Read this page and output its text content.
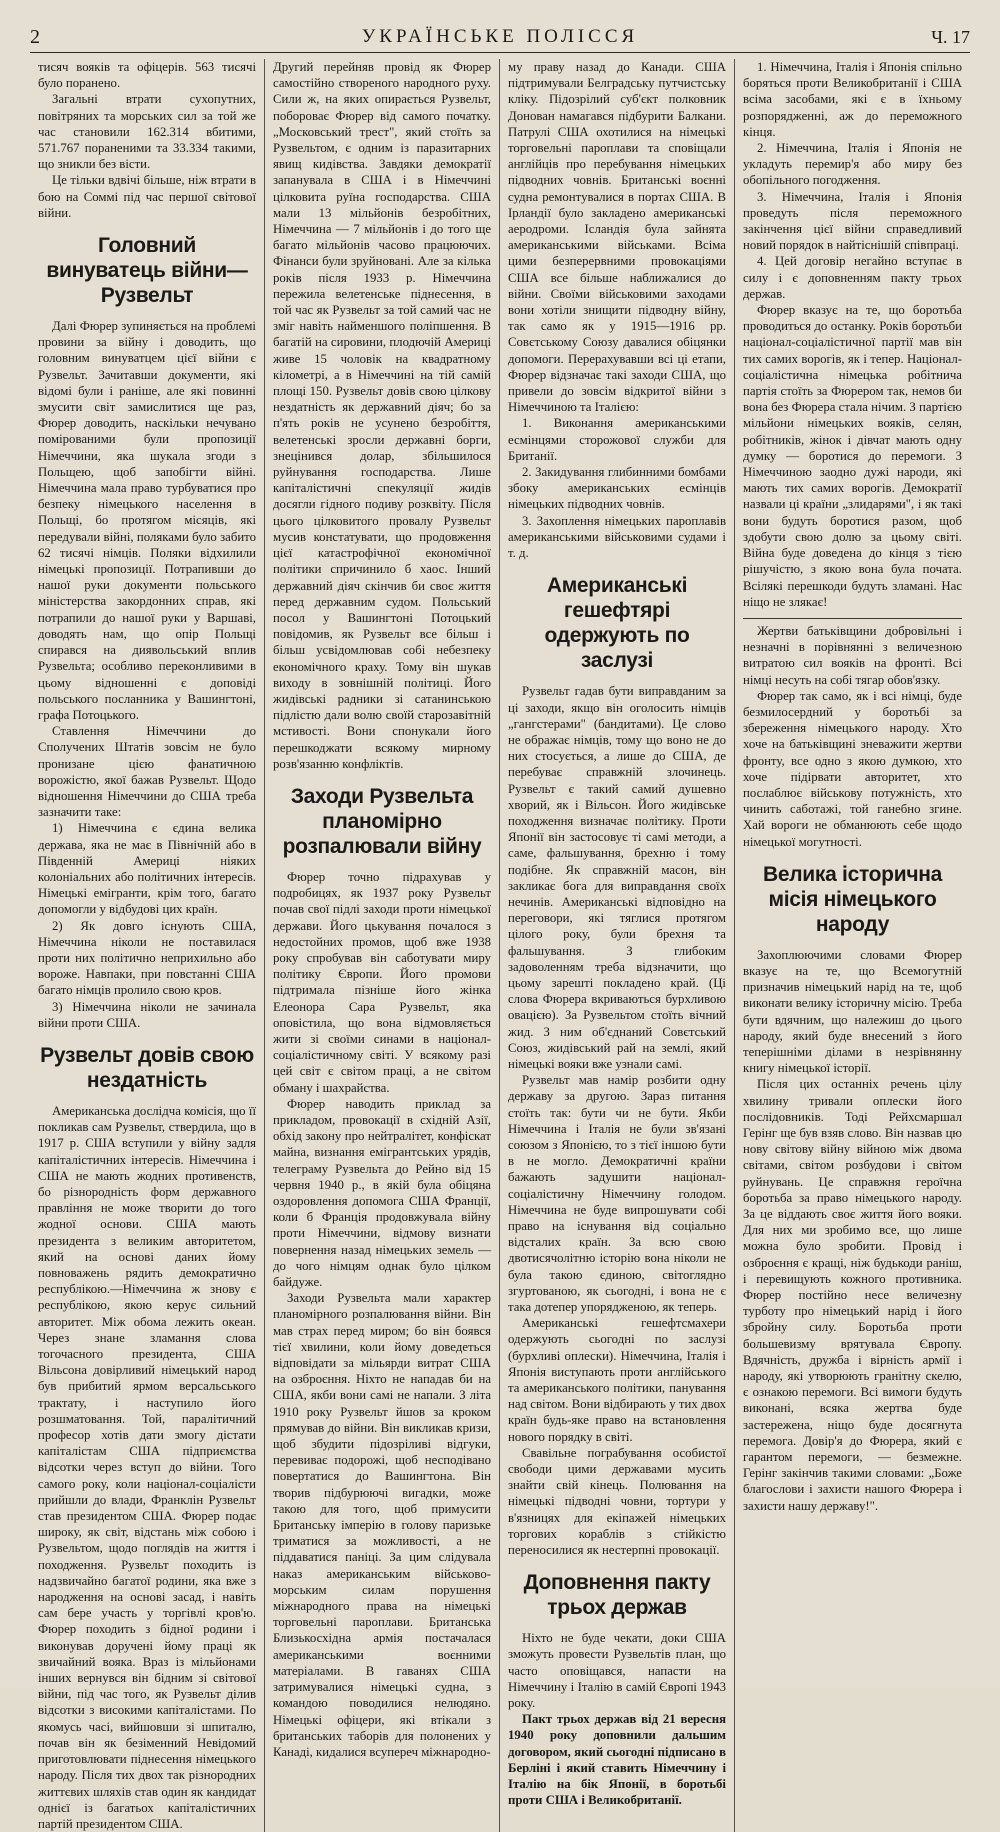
2	УКРАЇНСЬКЕ ПОЛІССЯ	Ч. 17

тисяч вояків та офіцерів. 563 тисячі було поранено.

Загальні втрати сухопутних, повітряних та морських сил за той же час становили 162.314 вбитими, 571.767 пораненими та 33.334 такими, що зникли без вісти.

Це тільки вдвічі більше, ніж втрати в бою на Соммі під час першої світової війни.

Головний винуватець війни—Рузвельт

Далі Фюрер зупиняється на проблемі провини за війну і доводить, що головним винуватцем цієї війни є Рузвельт. Зачитавши документи, які відомі були і раніше, але які повинні змусити світ замислитися ще раз, Фюрер доводить, наскільки нечувано помірованими були пропозиції Німеччини, яка шукала згоди з Польщею, щоб запобігти війні. Німеччина мала право турбуватися про безпеку німецького населення в Польщі, бо протягом місяців, які передували війні, поляками було забито 62 тисячі німців. Поляки відхилили німецькі пропозиції. Потрапивши до нашої руки документи польського міністерства закордонних справ, які потрапили до нашої руки у Варшаві, доводять нам, що опір Польщі спирався на диявольський вплив Рузвельта; особливо переконливими в цьому відношенні є доповіді польського посланника у Вашингтоні, графа Потоцького.

Ставлення Німеччини до Сполучених Штатів зовсім не було пронизане цією фанатичною ворожістю, якої бажав Рузвельт. Щодо відношення Німеччини до США треба зазначити таке:

1) Німеччина є єдина велика держава, яка не має в Північній або в Південній Америці ніяких колоніальних або політичних інтересів. Німецькі емігранти, крім того, багато допомогли у відбудові цих країн.

2) Як довго існують США, Німеччина ніколи не поставилася проти них політично неприхильно або вороже. Навпаки, при повстанні США багато німців пролило свою кров.

3) Німеччина ніколи не зачинала війни проти США.

Рузвельт довів свою нездатність

Американська дослідча комісія, що її покликав сам Рузвельт, ствердила, що в 1917 р. США вступили у війну задля капіталістичних інтересів. Німеччина і США не мають жодних противенств, бо різнородність форм державного правління не може творити до того жодної основи. США мають президента з великим авторитетом, який на основі даних йому повноважень рядить демократично республікою.—Німеччина ж знову є республікою, якою керує сильний авторитет. Між обома лежить океан. Через знане зламання слова тогочасного президента, США Вільсона довірливий німецький народ був прибитий ярмом версальського трактату, і наступило його розшматовання. Той, паралітичний професор хотів дати змогу дістати капіталістам США підприємства відсотки через вступ до війни. Того самого року, коли націонал-соціалісти прийшли до влади, Франклін Рузвельт став президентом США. Фюрер подає широку, як світ, відстань між собою і Рузвельтом, щодо поглядів на життя і походження. Рузвельт походить із надзвичайно багатої родини, яка вже з народження на основі засад, і навіть сам бере участь у торгівлі кров'ю. Фюрер походить з бідної родини і виконував доручені йому праці як звичайний вояка. Враз із мільйонами інших вернувся він бідним зі світової війни, під час того, як Рузвельт ділив відсотки з високими капіталістами. По якомусь часі, вийшовши зі шпиталю, почав він як безіменний Невідомий приготовлювати піднесення німецького народу. Після тих двох так різнородних життєвих шляхів став один як кандидат однієї із багатьох капіталістичних партій президентом США.

Другий перейняв провід як Фюрер самостійно створеного народного руху. Сили ж, на яких опирається Рузвельт, побороває Фюрер від самого початку. „Московський трест", який стоїть за Рузвельтом, є одним із паразитарних явищ кидівства. Завдяки демократії запанувала в США і в Німеччині цілковита руїна господарства. США мали 13 мільйонів безробітних, Німеччина — 7 мільйонів і до того ще багато мільйонів часово працюючих. Фінанси були зруйновані. Але за кілька років після 1933 р. Німеччина пережила велетенське піднесення, в той час як Рузвельт за той самий час не зміг навіть найменшого поліпшення. В багатій на сировини, плодючій Америці живе 15 чоловік на квадратному кілометрі, а в Німеччині на тій самій площі 150. Рузвельт довів свою цілкову нездатність як державний діяч; бо за п'ять років не усунено безробіття, велетенські зросли державні борги, знецінився долар, збільшилося руйнування господарства. Лише капіталістичні спекуляції жидів досягли гідного подиву розквіту. Після цього цілковитого провалу Рузвельт мусив констатувати, що продовження цієї катастрофічної економічної політики спричинило б хаос. Інший державний діяч скінчив би своє життя перед державним судом. Польський посол у Вашингтоні Потоцький повідомив, як Рузвельт все більш і більш усвідомлював собі небезпеку економічного краху. Тому він шукав виходу в зовнішній політиці. Його жидівські радники зі сатанинською підлістю дали волю своїй старозавітній мстивості. Вони спонукали його перешкоджати всякому мирному розв'язанню конфліктів.

Заходи Рузвельта планомірно розпалювали війну

Фюрер точно підрахував у подробицях, як 1937 року Рузвельт почав свої підлі заходи проти німецької держави. Його цькування почалося з недостойних промов, щоб вже 1938 року спробував він саботувати миру політику Європи. Його промови підтримала пізніше його жінка Елеонора Сара Рузвельт, яка оповістила, що вона відмовляється жити зі своїми синами в націонал-соціалістичному світі. У всякому разі цей світ є світом праці, а не світом обману і шахрайства.

Фюрер наводить приклад за прикладом, провокації в східній Азії, обхід закону про нейтралітет, конфіскат майна, визнання емігрантських урядів, телеграму Рузвельта до Рейно від 15 червня 1940 р., в якій була обіцяна оздоровлення допомога США Франції, коли б Франція продовжувала війну проти Німеччини, відмову визнати повернення назад німецьких земель — до чого німцям однак було цілком байдуже.

Заходи Рузвельта мали характер планомірного розпалювання війни. Він мав страх перед миром; бо він боявся тієї хвилини, коли йому доведеться відповідати за мільярди витрат США на озброєння. Ніхто не нападав би на США, якби вони самі не напали. З літа 1910 року Рузвельт йшов за кроком прямував до війни. Він викликав кризи, щоб збудити підозріливі відгуки, перевиває подорожі, щоб несподівано повертатися до Вашингтона. Він творив підбурюючі вигадки, може такою для того, щоб примусити Британську імперію в голову паризьке триматися за можливості, а не піддаватися паніці. За цим слідувала наказ американським військово-морським силам порушення міжнародного права на німецькі торговельні пароплави. Британська Близькосхідна армія постачалася американськими воєнними матеріалами. В гаванях США затримувалися німецькі судна, з командою поводилися нелюдяно. Німецькі офіцери, які втікали з британських таборів для полонених у Канаді, кидалися всупереч міжнародно-

му праву назад до Канади. США підтримували Белградську путчистську кліку. Підозрілий суб'єкт полковник Донован намагався підбурити Балкани. Патрулі США охотилися на німецькі торговельні пароплави та сповіщали англійців про перебування німецьких підводних човнів. Британські воєнні судна ремонтувалися в портах США. В Ірландії було закладено американські аеродроми. Ісландія була зайнята американськими військами. Всіма цими безперервними провокаціями США все більше наближалися до війни. Своїми військовими заходами вони хотіли знищити підводну війну, так само як у 1915—1916 рр. Совєтському Союзу давалися обіцянки допомоги. Перерахувавши всі ці етапи, Фюрер відзначає такі заходи США, що привели до зовсім відкритої війни з Німеччиною та Італією:

1. Виконання американськими есмінцями сторожової служби для Британії.

2. Закидування глибинними бомбами збоку американських есмінців німецьких підводних човнів.

3. Захоплення німецьких пароплавів американськими військовими судами і т. д.

Американські гешефтярі одержують по заслузі

Рузвельт гадав бути виправданим за ці заходи, якщо він оголосить німців „гангстерами" (бандитами). Це слово не ображає німців, тому що воно не до них стосується, а лише до США, де перебуває справжній злочинець. Рузвельт є такий самий душевно хворий, як і Вільсон. Його жидівське походження визначає політику. Проти Японії він застосовує ті самі методи, а саме, фальшування, брехню і тому подібне. Як справжній масон, він закликає бога для виправдання своїх нечинів. Американські відповідно на переговори, які тяглися протягом цілого року, були брехня та фальшування. З глибоким задоволенням треба відзначити, що цьому зарешті покладено край. (Ці слова Фюрера вкриваються бурхливою овацією). За Рузвельтом стоїть вічний жид. З ним об'єднаний Совєтський Союз, жидівський рай на землі, який німецькі вояки вже узнали самі.

Рузвельт мав намір розбити одну державу за другою. Зараз питання стоїть так: бути чи не бути. Якби Німеччина і Італія не були зв'язані союзом з Японією, то з тієї іншою бути в не могло. Демократичні країни бажають задушити націонал-соціалістичну Німеччину голодом. Німеччина не буде випрошувати собі право на існування від соціально відсталих країн. За всю свою двотисячолітню історію вона ніколи не була такою єдиною, світоглядно згуртованою, як сьогодні, і вона не є така дотепер упорядженою, як теперь.

Американські гешефтсмахери одержують сьогодні по заслузі (бурхливі оплески). Німеччина, Італія і Японія виступають проти англійського та американського політики, панування над світом. Вони відбирають у тих двох країн будь-яке право на встановлення нового порядку в світі.

Свавільне пограбування особистої свободи цими державами мусить знайти свій кінець. Полювання на німецькі підводні човни, тортури у в'язницях для екіпажей німецьких торгових кораблів з стійкістю переносилися як нестерпні провокації.

Доповнення пакту трьох держав

Ніхто не буде чекати, доки США зможуть провести Рузвельтів план, що часто оповіщався, напасти на Німеччину і Італію в самій Європі 1943 року.

Пакт трьох держав від 21 вересня 1940 року доповнили дальшим договором, який сьогодні підписано в Берліні і який ставить Німеччину і Італію на бік Японії, в боротьбі проти США і Великобританії.

1. Німеччина, Італія і Японія спільно боряться проти Великобританії і США всіма засобами, які є в їхньому розпорядженні, аж до переможного кінця.

2. Німеччина, Італія і Японія не укладуть перемир'я або миру без обопільного погодження.

3. Німеччина, Італія і Японія проведуть після переможного закінчення цієї війни справедливий новий порядок в найтіснішій співпраці.

4. Цей договір негайно вступає в силу і є доповненням пакту трьох держав.

Фюрер вказує на те, що боротьба проводиться до останку. Років боротьби націонал-соціалістичної партії мав він тих самих ворогів, як і тепер. Націонал-соціалістична німецька робітнича партія стоїть за Фюрером так, немов би вона без Фюрера стала нічим. З партією мільйони німецьких вояків, селян, робітників, жінок і дівчат мають одну думку — боротися до перемоги. З Німеччиною заодно дужі народи, які мають тих самих ворогів. Демократії назвали ці країни „злидарями", і як такі вони будуть боротися разом, щоб здобути свою долю за цьому світі. Війна буде доведена до кінця з тією рішучістю, з якою вона була почата. Всілякі перешкоди будуть зламані. Нас ніщо не злякає!

Жертви батьківщини добровільні і незначні в порівнянні з величезною витратою сил вояків на фронті. Всі німці несуть на собі тягар обов'язку.

Фюрер так само, як і всі німці, буде безмилосердний у боротьбі за збереження німецького народу. Хто хоче на батьківщині зневажити жертви фронту, все одно з якою думкою, хто хоче підірвати авторитет, хто послаблює військову потужність, хто чинить саботажі, той ганебно згине. Хай вороги не обманюють себе щодо німецької могутності.

Велика історична місія німецького народу

Захоплюючими словами Фюрер вказує на те, що Всемогутній призначив німецький нарід на те, щоб виконати велику історичну місію. Треба бути вдячним, що належиш до цього народу, який буде внесений з його теперішніми ділами в незрівнянну книгу німецької історії.

Після цих останніх речень цілу хвилину тривали оплески його послідовників. Тоді Рейхсмаршал Герінг ще був взяв слово. Він назвав цю нову світову війну війною між двома світами, світом розбудови і світом руйнувань. Це справжня героїчна боротьба за право німецького народу. За це віддають своє життя його вояки. Для них ми зробимо все, що лише можна було зробити. Провід і озброєння є кращі, ніж будькоди раніш, і перевищують кожного противника. Фюрер постійно несе величезну турботу про німецький нарід і його збройну силу. Боротьба проти большевизму врятувала Європу. Вдячність, дружба і вірність армії і народу, які утворюють гранітну скелю, є ознакою перемоги. Всі вимоги будуть виконані, всяка жертва буде застережена, ніщо буде досягнута перемога. Довір'я до Фюрера, який є гарантом перемоги, — безмежне. Герінг закінчив такими словами: „Боже благослови і захисти нашого Фюрера і захисти нашу державу!".
